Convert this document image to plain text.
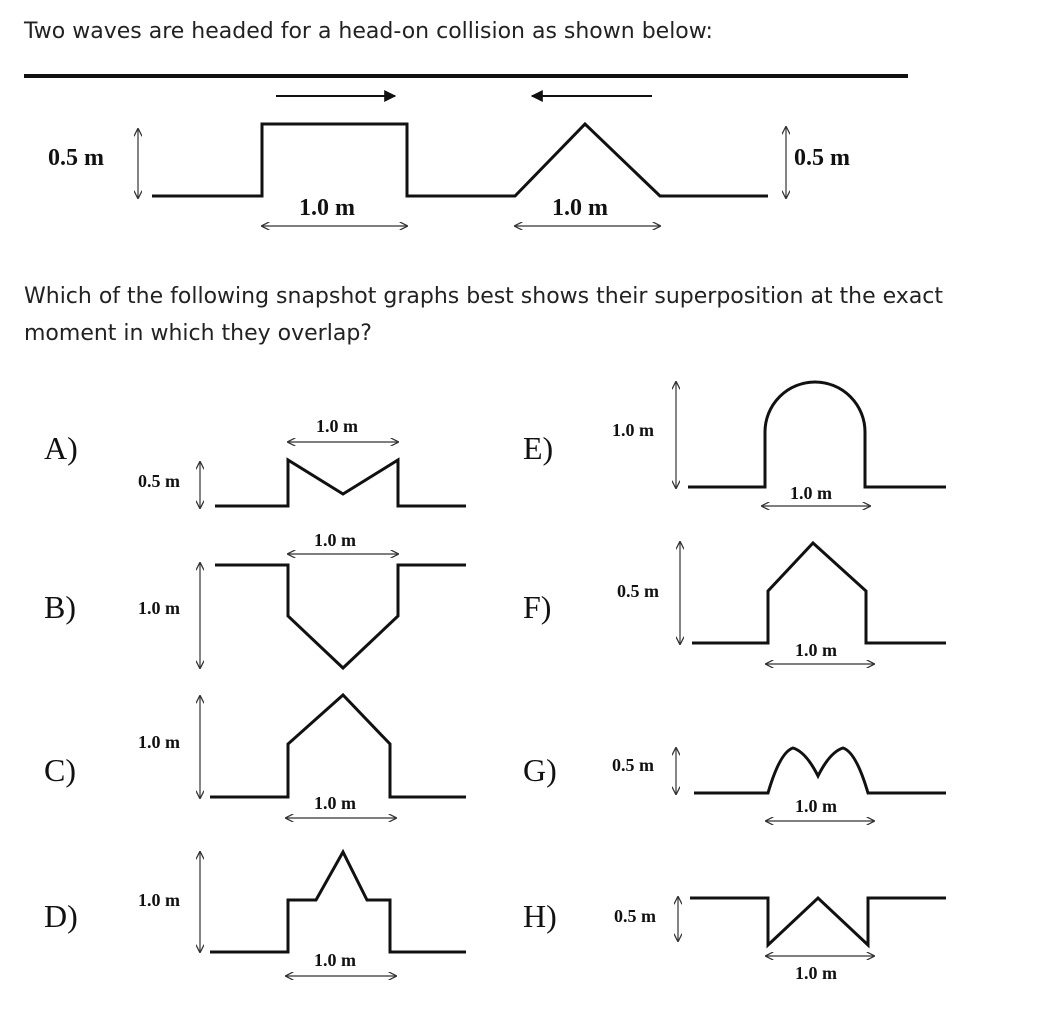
Two waves are headed for a head-on collision as shown below:

Which of the following snapshot graphs best shows their superposition at the exact moment in which they overlap?

0.5 m	0.5 m
1.0 m	1.0 m
A)
0.5 m
1.0 m
B)	1.0 m
1.0 m
C)
1.0 m
1.0 m
D)	1.0 m
1.0 m
E)	1.0 m
1.0 m
F)	0.5 m
1.0 m
G)	0.5 m
1.0 m
H)	0.5 m
1.0 m
